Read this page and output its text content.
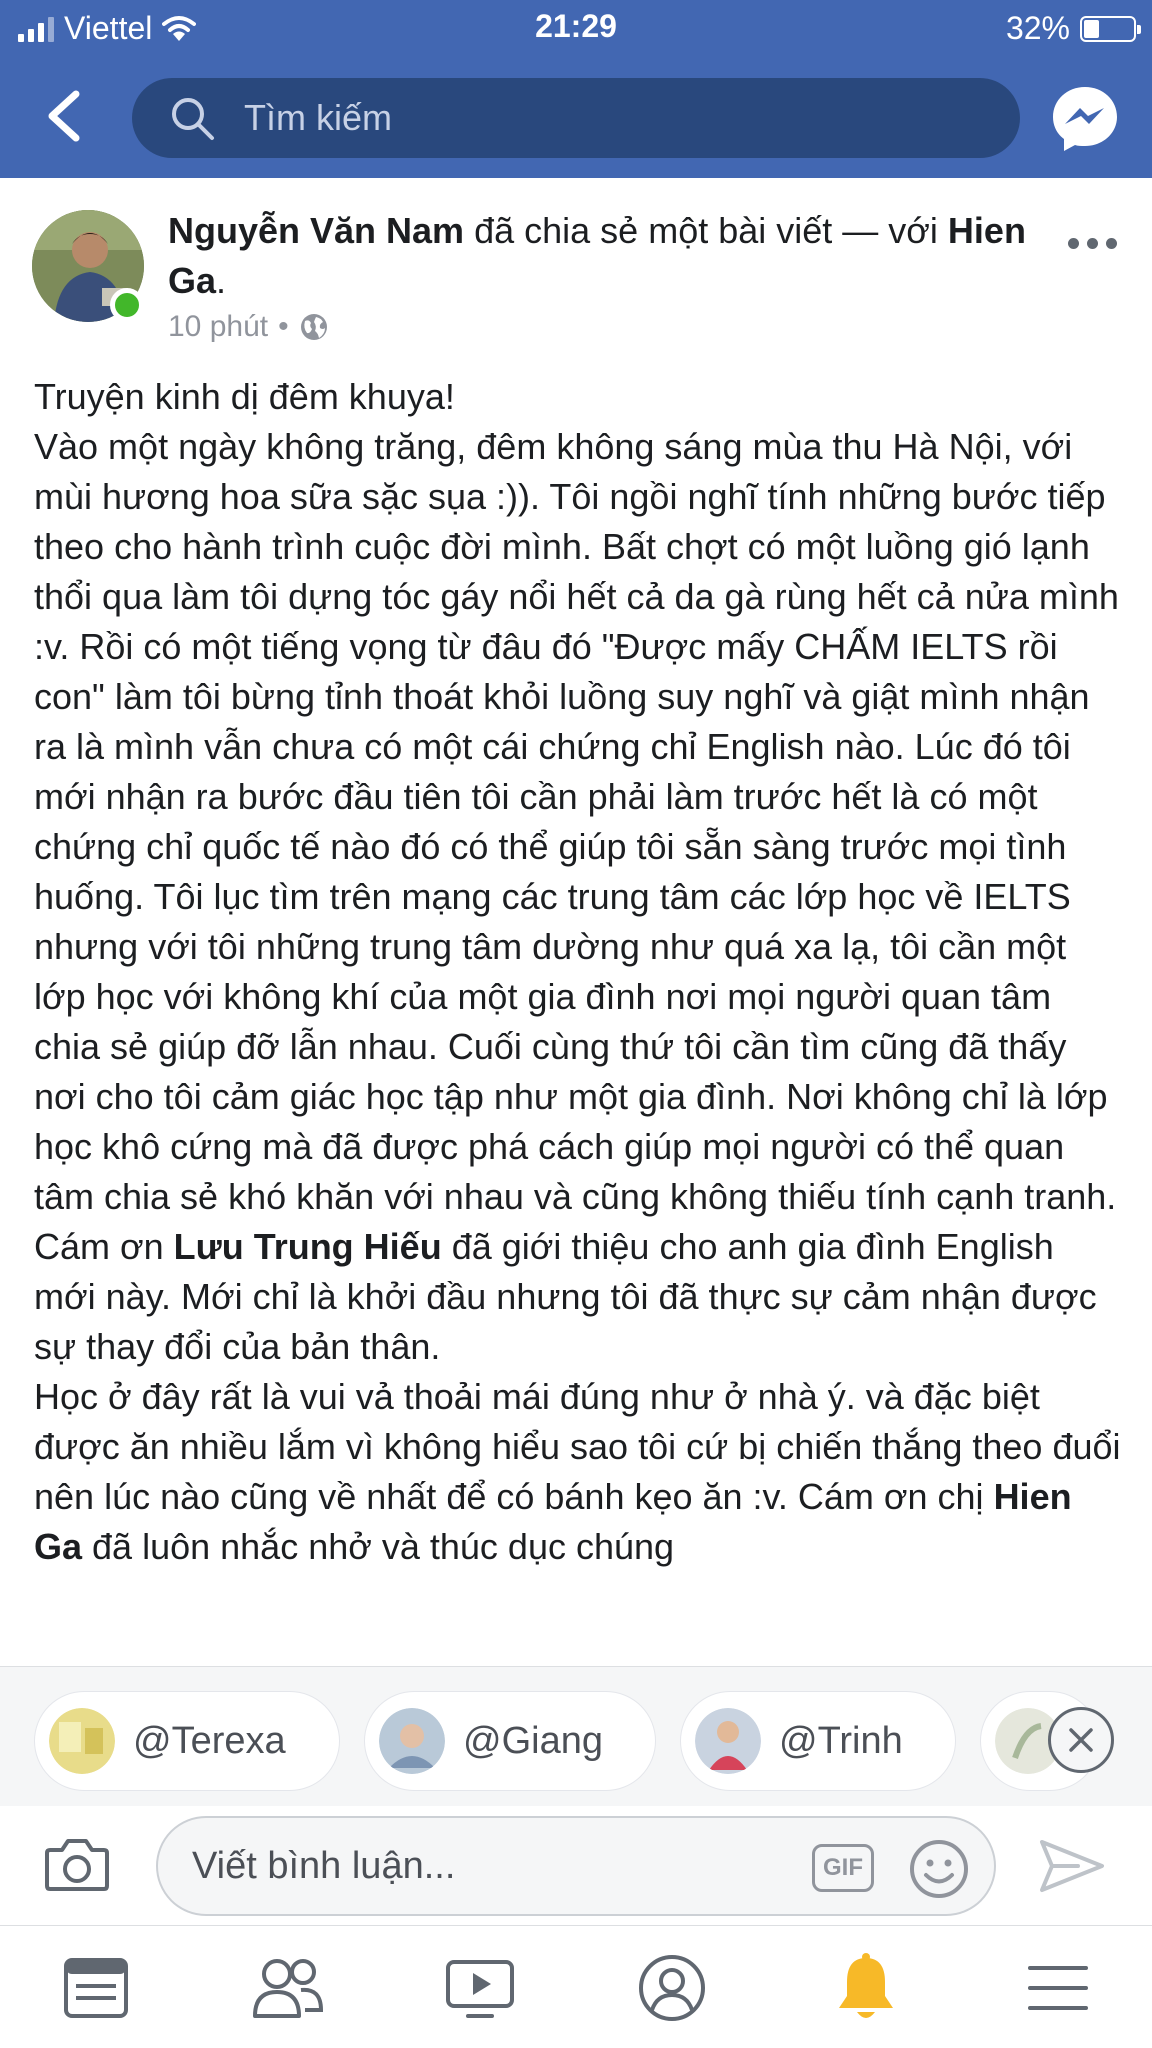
Viettel	21:29	32%
Tìm kiếm
Nguyễn Văn Nam đã chia sẻ một bài viết — với Hien Ga.
10 phút •

Truyện kinh dị đêm khuya!

Vào một ngày không trăng, đêm không sáng mùa thu Hà Nội, với mùi hương hoa sữa sặc sụa :)). Tôi ngồi nghĩ tính những bước tiếp theo cho hành trình cuộc đời mình. Bất chợt có một luồng gió lạnh thổi qua làm tôi dựng tóc gáy nổi hết cả da gà rùng hết cả nửa mình :v. Rồi có một tiếng vọng từ đâu đó "Được mấy CHẤM IELTS rồi con" làm tôi bừng tỉnh thoát khỏi luồng suy nghĩ và giật mình nhận ra là mình vẫn chưa có một cái chứng chỉ English nào. Lúc đó tôi mới nhận ra bước đầu tiên tôi cần phải làm trước hết là có một chứng chỉ quốc tế nào đó có thể giúp tôi sẵn sàng trước mọi tình huống. Tôi lục tìm trên mạng các trung tâm các lớp học về IELTS nhưng với tôi những trung tâm dường như quá xa lạ, tôi cần một lớp học với không khí của một gia đình nơi mọi người quan tâm chia sẻ giúp đỡ lẫn nhau. Cuối cùng thứ tôi cần tìm cũng đã thấy nơi cho tôi cảm giác học tập như một gia đình. Nơi không chỉ là lớp học khô cứng mà đã được phá cách giúp mọi người có thể quan tâm chia sẻ khó khăn với nhau và cũng không thiếu tính cạnh tranh.

Cám ơn Lưu Trung Hiếu đã giới thiệu cho anh gia đình English mới này. Mới chỉ là khởi đầu nhưng tôi đã thực sự cảm nhận được sự thay đổi của bản thân.

Học ở đây rất là vui vả thoải mái đúng như ở nhà ý. và đặc biệt được ăn nhiều lắm vì không hiểu sao tôi cứ bị chiến thắng theo đuổi nên lúc nào cũng về nhất để có bánh kẹo ăn :v. Cám ơn chị Hien Ga đã luôn nhắc nhở và thúc dục chúng

@Terexa	@Giang	@Trinh
Viết bình luận...
GIF
